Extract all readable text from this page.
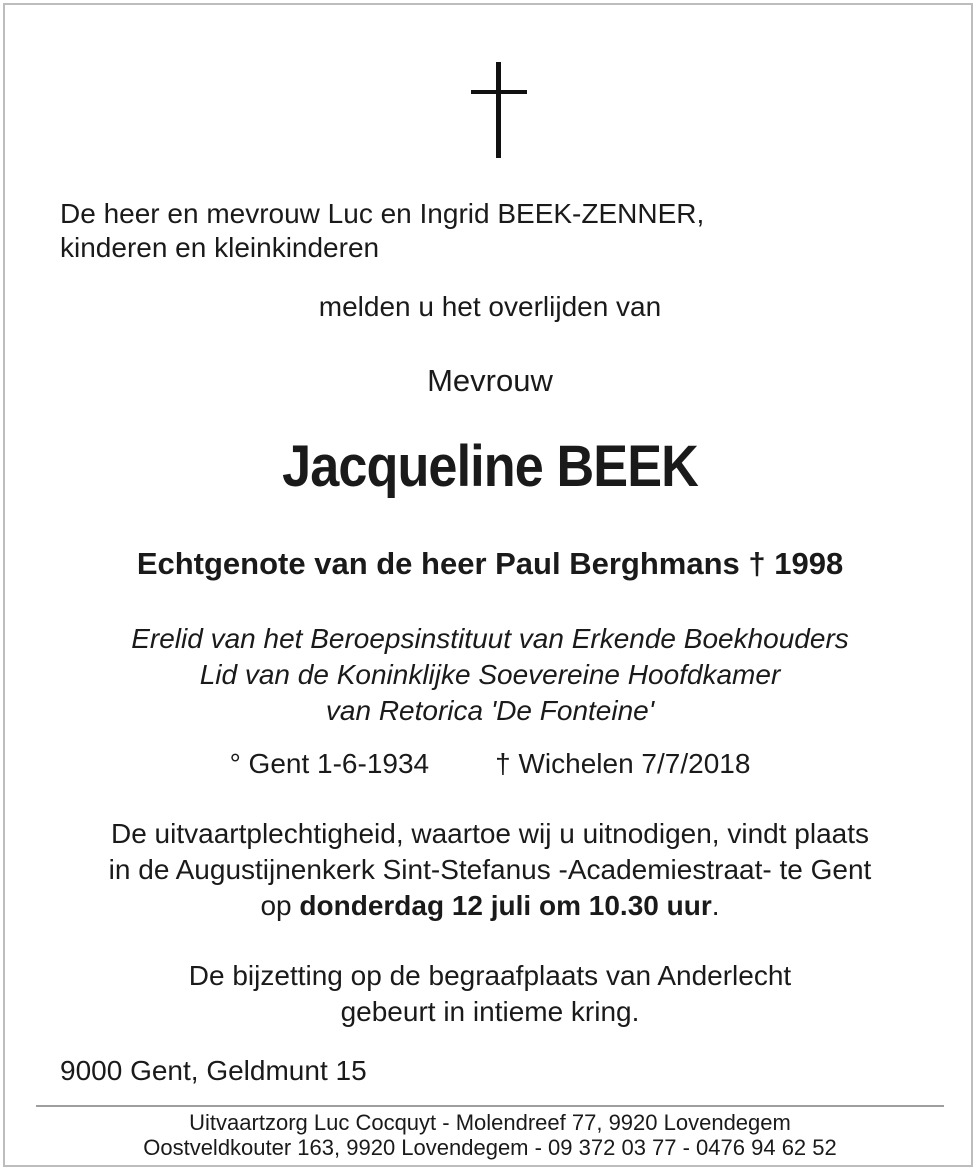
De heer en mevrouw Luc en Ingrid BEEK-ZENNER,
kinderen en kleinkinderen
melden u het overlijden van
Mevrouw
Jacqueline BEEK
Echtgenote van de heer Paul Berghmans † 1998
Erelid van het Beroepsinstituut van Erkende Boekhouders
Lid van de Koninklijke Soevereine Hoofdkamer
van Retorica 'De Fonteine'
° Gent 1-6-1934 † Wichelen 7/7/2018
De uitvaartplechtigheid, waartoe wij u uitnodigen, vindt plaats
in de Augustijnenkerk Sint-Stefanus -Academiestraat- te Gent
op donderdag 12 juli om 10.30 uur.
De bijzetting op de begraafplaats van Anderlecht
gebeurt in intieme kring.
9000 Gent, Geldmunt 15
Uitvaartzorg Luc Cocquyt - Molendreef 77, 9920 Lovendegem
Oostveldkouter 163, 9920 Lovendegem - 09 372 03 77 - 0476 94 62 52
